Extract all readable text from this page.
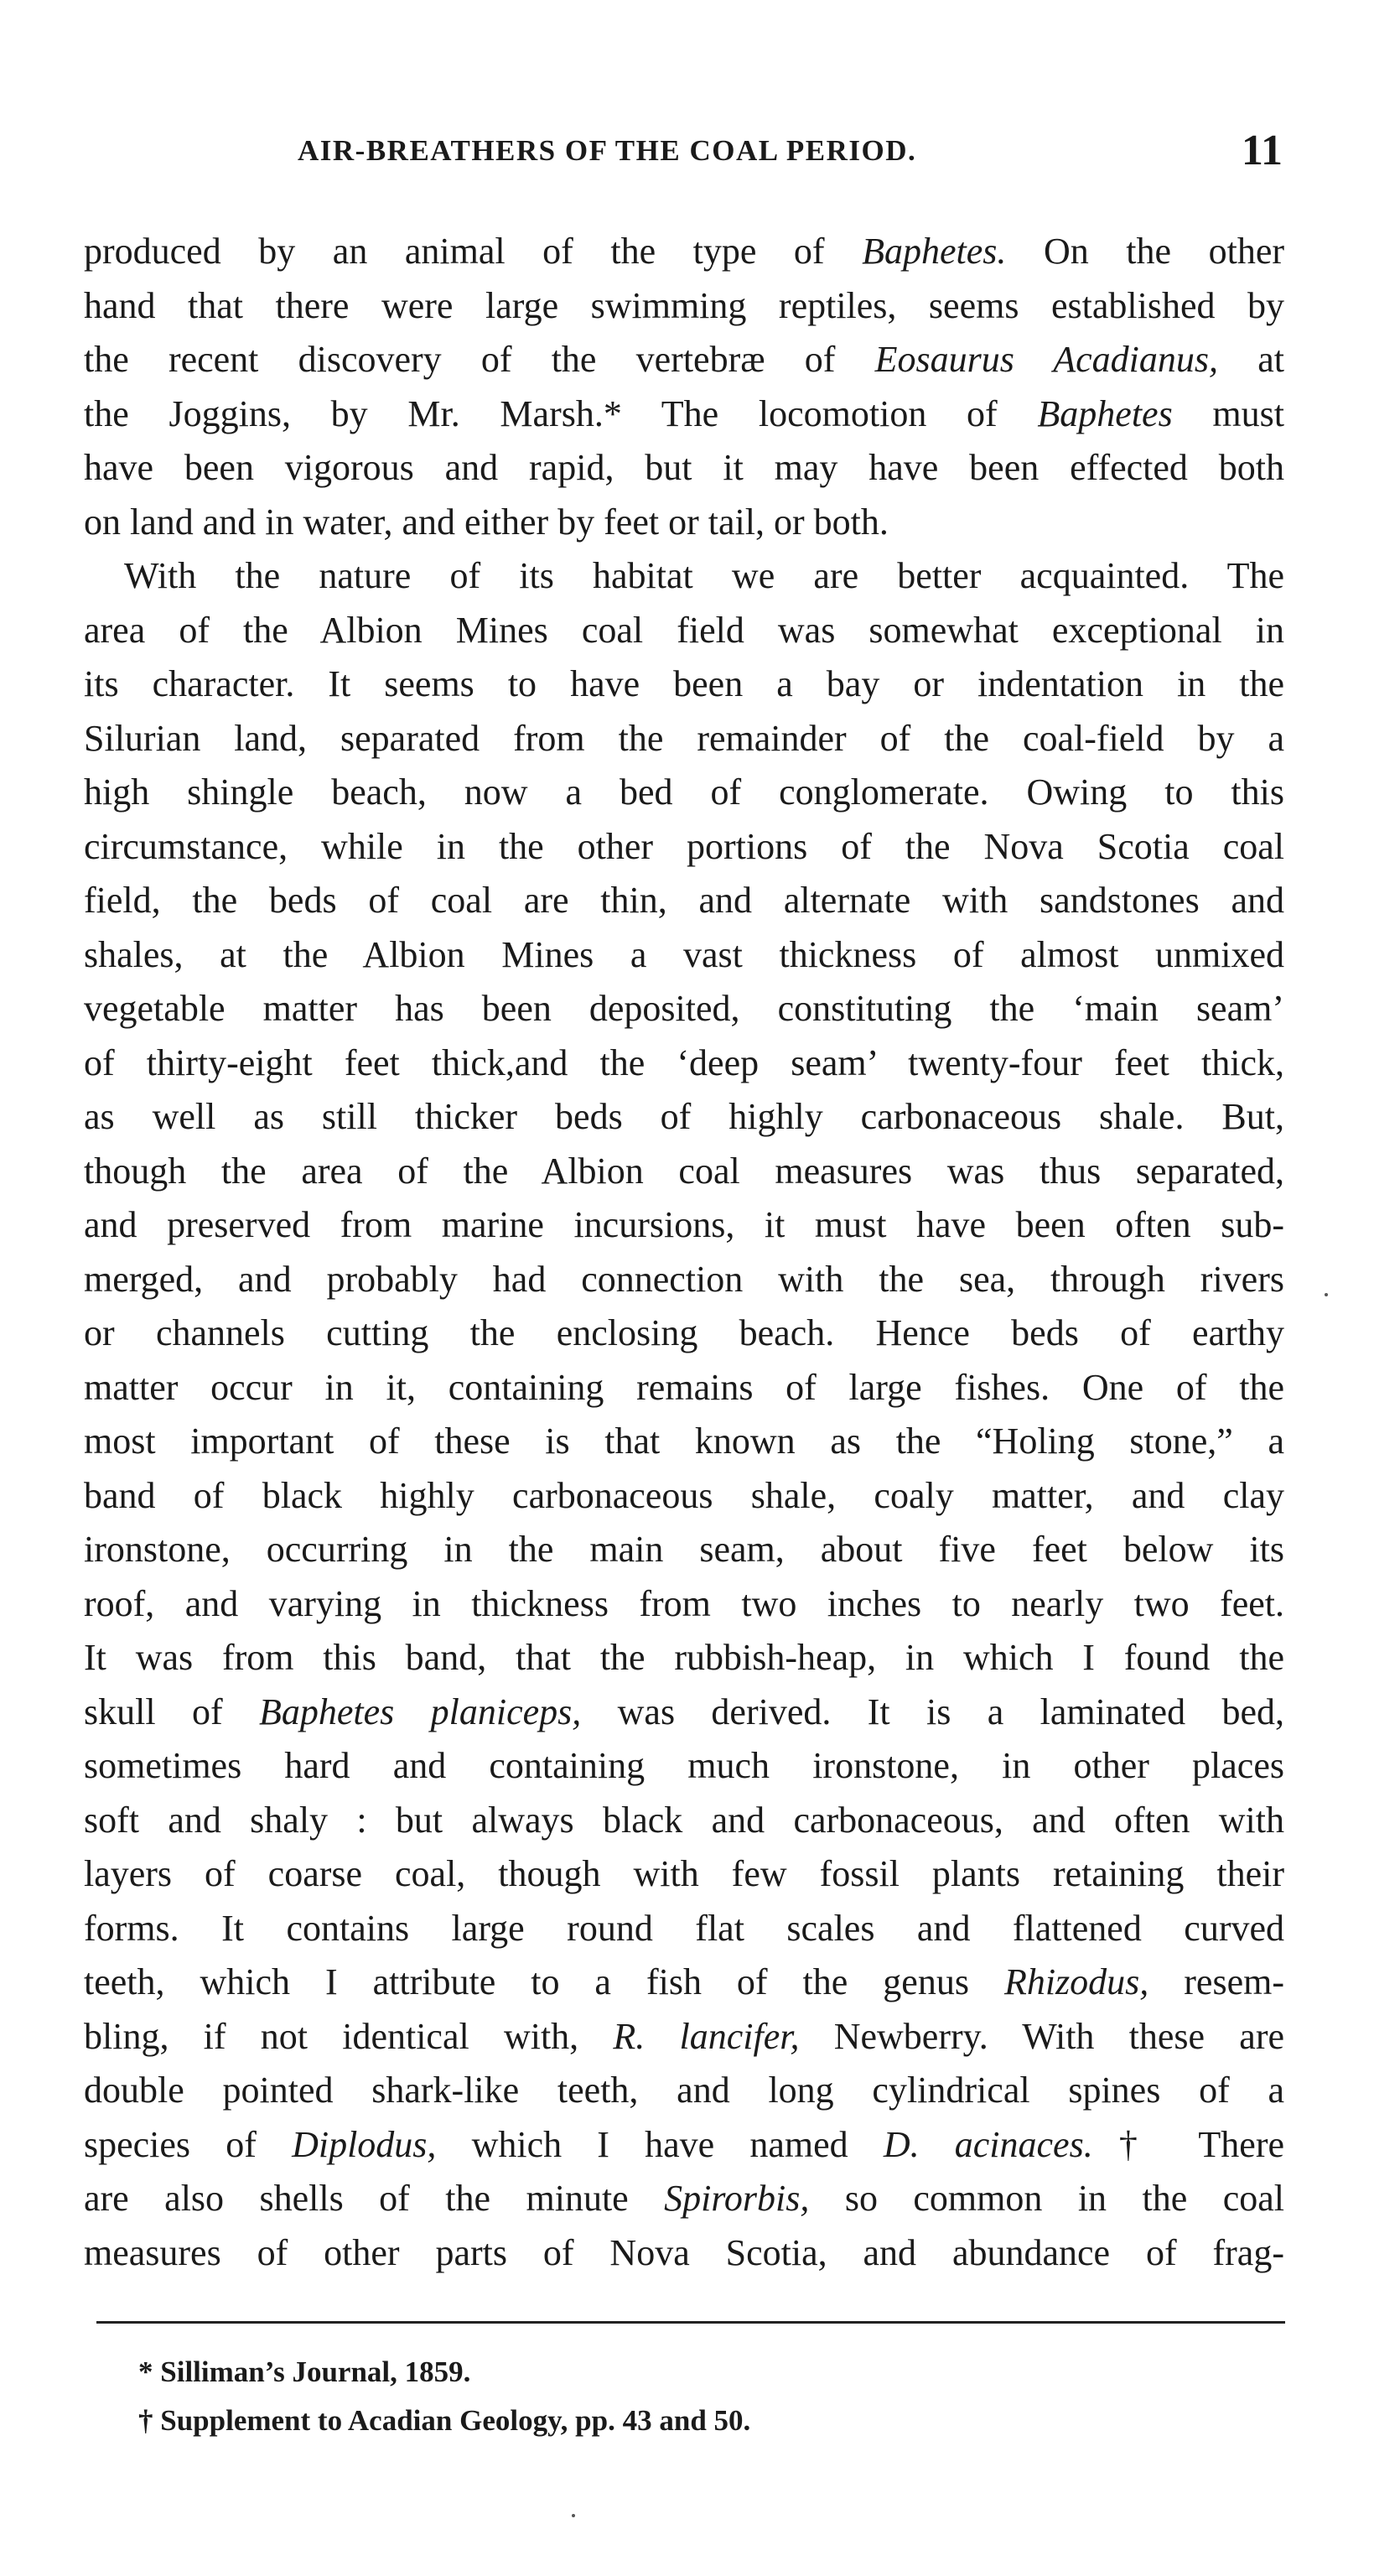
AIR-BREATHERS OF THE COAL PERIOD.	11
produced by an animal of the type of Baphetes. On the other
hand that there were large swimming reptiles, seems established by
the recent discovery of the vertebræ of Eosaurus Acadianus, at
the Joggins, by Mr. Marsh.* The locomotion of Baphetes must
have been vigorous and rapid, but it may have been effected both
on land and in water, and either by feet or tail, or both.
With the nature of its habitat we are better acquainted. The
area of the Albion Mines coal field was somewhat exceptional in
its character. It seems to have been a bay or indentation in the
Silurian land, separated from the remainder of the coal-field by a
high shingle beach, now a bed of conglomerate. Owing to this
circumstance, while in the other portions of the Nova Scotia coal
field, the beds of coal are thin, and alternate with sandstones and
shales, at the Albion Mines a vast thickness of almost unmixed
vegetable matter has been deposited, constituting the ‘main seam’
of thirty-eight feet thick,and the ‘deep seam’ twenty-four feet thick,
as well as still thicker beds of highly carbonaceous shale. But,
though the area of the Albion coal measures was thus separated,
and preserved from marine incursions, it must have been often sub-
merged, and probably had connection with the sea, through rivers
or channels cutting the enclosing beach. Hence beds of earthy
matter occur in it, containing remains of large fishes. One of the
most important of these is that known as the “Holing stone,” a
band of black highly carbonaceous shale, coaly matter, and clay
ironstone, occurring in the main seam, about five feet below its
roof, and varying in thickness from two inches to nearly two feet.
It was from this band, that the rubbish-heap, in which I found the
skull of Baphetes planiceps, was derived. It is a laminated bed,
sometimes hard and containing much ironstone, in other places
soft and shaly : but always black and carbonaceous, and often with
layers of coarse coal, though with few fossil plants retaining their
forms. It contains large round flat scales and flattened curved
teeth, which I attribute to a fish of the genus Rhizodus, resem-
bling, if not identical with, R. lancifer, Newberry. With these are
double pointed shark-like teeth, and long cylindrical spines of a
species of Diplodus, which I have named D. acinaces.† There
are also shells of the minute Spirorbis, so common in the coal
measures of other parts of Nova Scotia, and abundance of frag-
* Silliman’s Journal, 1859.
† Supplement to Acadian Geology, pp. 43 and 50.
